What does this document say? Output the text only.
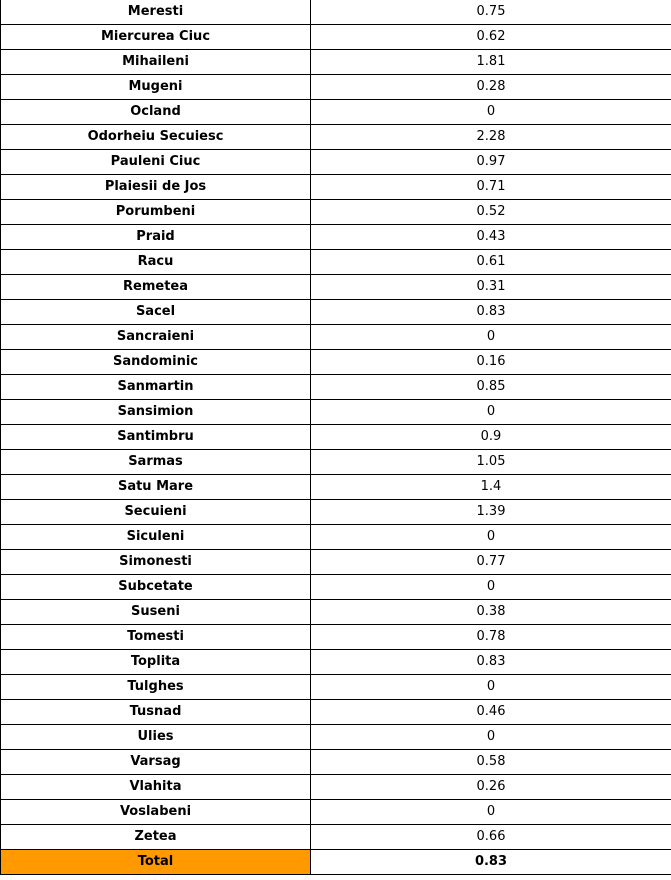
Meresti	0.75
Miercurea Ciuc	0.62
Mihaileni	1.81
Mugeni	0.28
Ocland	0
Odorheiu Secuiesc	2.28
Pauleni Ciuc	0.97
Plaiesii de Jos	0.71
Porumbeni	0.52
Praid	0.43
Racu	0.61
Remetea	0.31
Sacel	0.83
Sancraieni	0
Sandominic	0.16
Sanmartin	0.85
Sansimion	0
Santimbru	0.9
Sarmas	1.05
Satu Mare	1.4
Secuieni	1.39
Siculeni	0
Simonesti	0.77
Subcetate	0
Suseni	0.38
Tomesti	0.78
Toplita	0.83
Tulghes	0
Tusnad	0.46
Ulies	0
Varsag	0.58
Vlahita	0.26
Voslabeni	0
Zetea	0.66
Total	0.83
